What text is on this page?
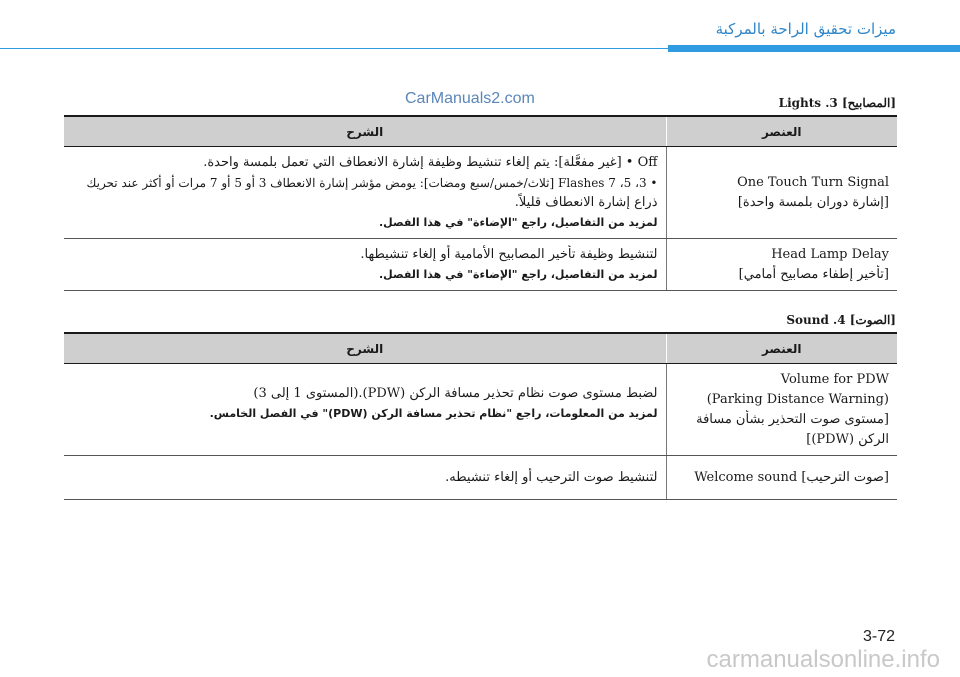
ميزات تحقيق الراحة بالمركبة
CarManuals2.com	[المصابيح] Lights .3
الشرح	العنصر

Off • [غير مفعَّلة]: يتم إلغاء تنشيط وظيفة إشارة الانعطاف التي تعمل بلمسة واحدة.
• 3، 5، 7 Flashes [ثلاث/خمس/سبع ومضات]: يومض مؤشر إشارة الانعطاف 3 أو 5 أو 7 مرات أو أكثر عند تحريك
ذراع إشارة الانعطاف قليلاً.
لمزيد من التفاصيل، راجع "الإضاءة" في هذا الفصل.	One Touch Turn Signal
[إشارة دوران بلمسة واحدة]

لتنشيط وظيفة تأخير المصابيح الأمامية أو إلغاء تنشيطها.
لمزيد من التفاصيل، راجع "الإضاءة" في هذا الفصل.	Head Lamp Delay
[تأخير إطفاء مصابيح أمامي]
[الصوت] Sound .4
الشرح	العنصر

لضبط مستوى صوت نظام تحذير مسافة الركن (PDW).(المستوى 1 إلى 3)
لمزيد من المعلومات، راجع "نظام تحذير مسافة الركن (PDW)" في الفصل الخامس.	Volume for PDW
(Parking Distance Warning)
[مستوى صوت التحذير بشأن مسافة
الركن (PDW)]

لتنشيط صوت الترحيب أو إلغاء تنشيطه.	[صوت الترحيب] Welcome sound
3-72
carmanualsonline.info
